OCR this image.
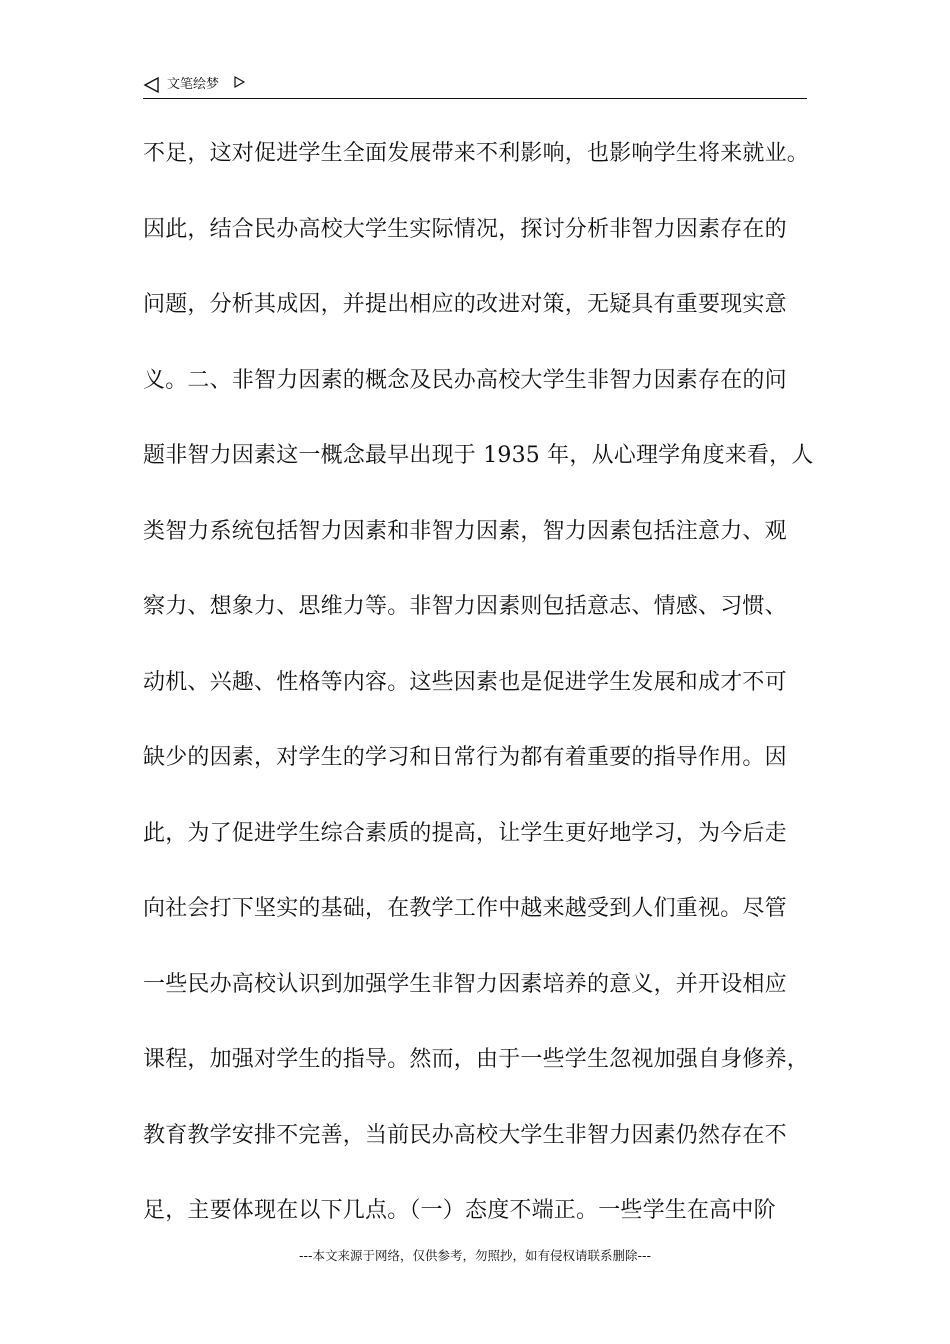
文笔绘梦
不足，这对促进学生全面发展带来不利影响，也影响学生将来就业。
因此，结合民办高校大学生实际情况，探讨分析非智力因素存在的
问题，分析其成因，并提出相应的改进对策，无疑具有重要现实意
义。二、非智力因素的概念及民办高校大学生非智力因素存在的问
题非智力因素这一概念最早出现于 1935 年，从心理学角度来看，人
类智力系统包括智力因素和非智力因素，智力因素包括注意力、观
察力、想象力、思维力等。非智力因素则包括意志、情感、习惯、
动机、兴趣、性格等内容。这些因素也是促进学生发展和成才不可
缺少的因素，对学生的学习和日常行为都有着重要的指导作用。因
此，为了促进学生综合素质的提高，让学生更好地学习，为今后走
向社会打下坚实的基础，在教学工作中越来越受到人们重视。尽管
一些民办高校认识到加强学生非智力因素培养的意义，并开设相应
课程，加强对学生的指导。然而，由于一些学生忽视加强自身修养，
教育教学安排不完善，当前民办高校大学生非智力因素仍然存在不
足，主要体现在以下几点。（一）态度不端正。一些学生在高中阶
---本文来源于网络，仅供参考，勿照抄，如有侵权请联系删除---
